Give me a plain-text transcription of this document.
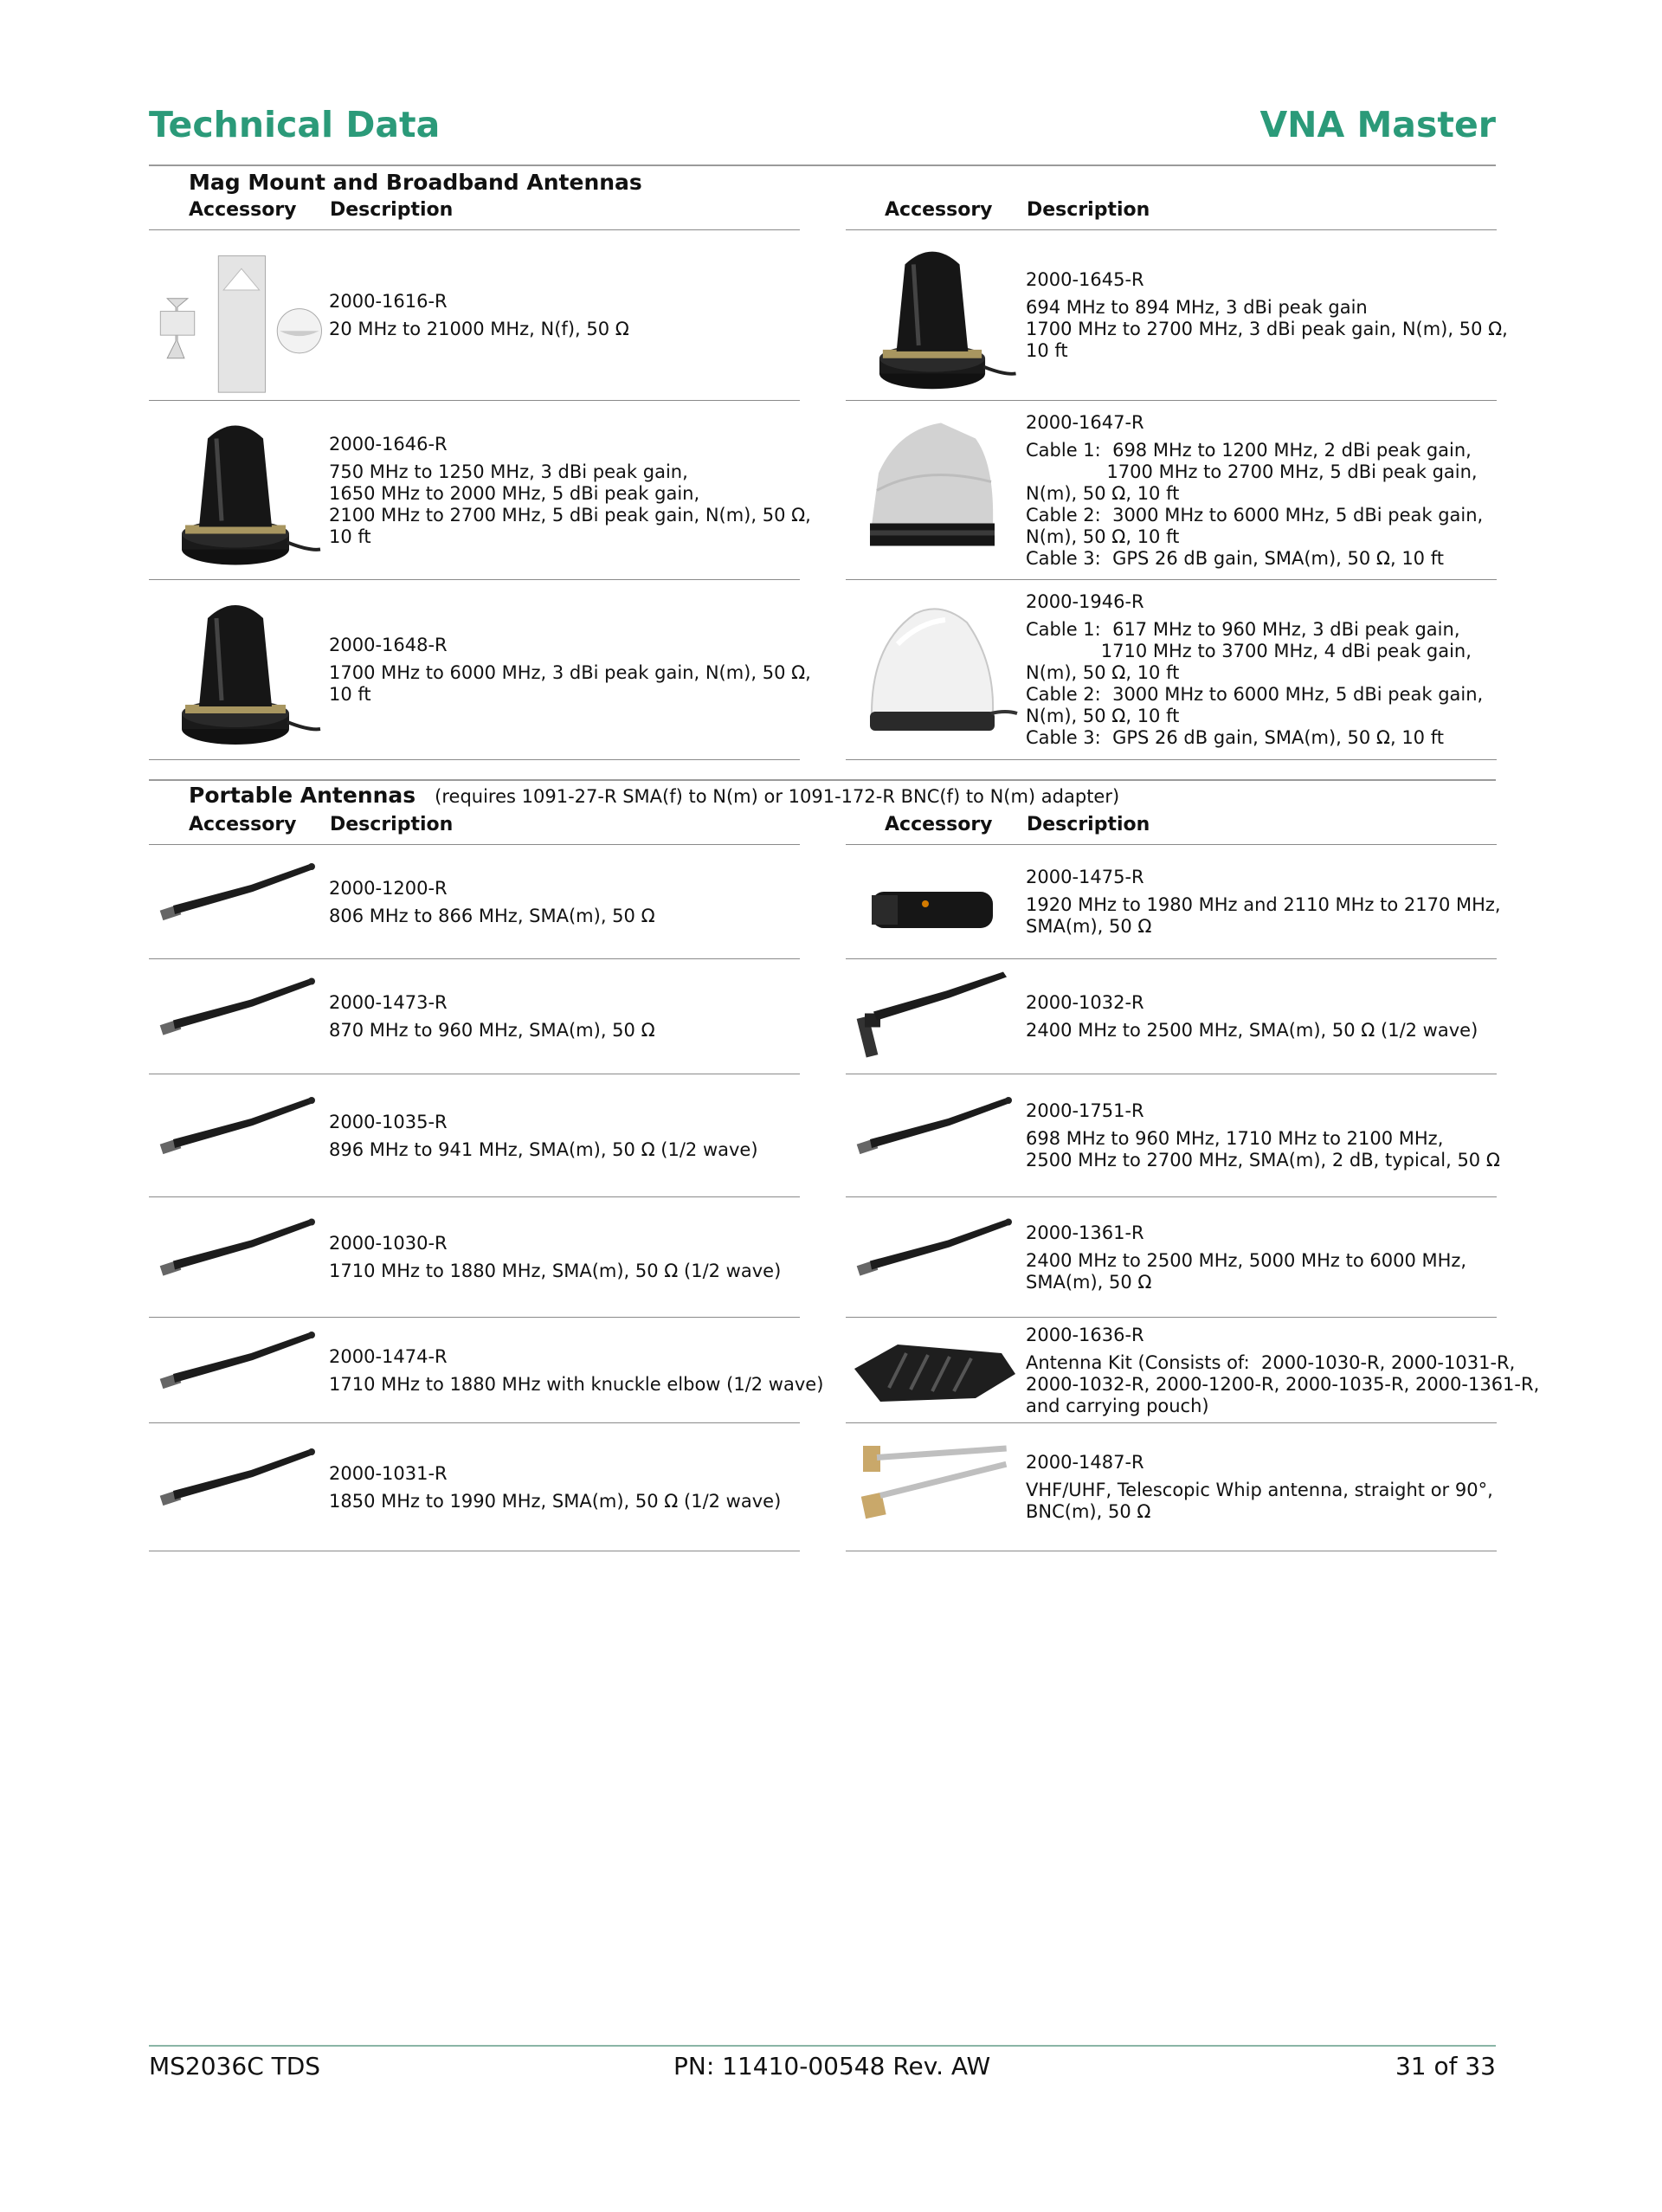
Technical Data	VNA Master
Mag Mount and Broadband Antennas
Accessory Description	Accessory Description
2000-1616-R
20 MHz to 21000 MHz, N(f), 50 Ω
2000-1646-R
750 MHz to 1250 MHz, 3 dBi peak gain,
1650 MHz to 2000 MHz, 5 dBi peak gain,
2100 MHz to 2700 MHz, 5 dBi peak gain, N(m), 50 Ω,
10 ft
2000-1648-R
1700 MHz to 6000 MHz, 3 dBi peak gain, N(m), 50 Ω,
10 ft
2000-1645-R
694 MHz to 894 MHz, 3 dBi peak gain
1700 MHz to 2700 MHz, 3 dBi peak gain, N(m), 50 Ω,
10 ft
2000-1647-R
Cable 1:  698 MHz to 1200 MHz, 2 dBi peak gain,
1700 MHz to 2700 MHz, 5 dBi peak gain,
N(m), 50 Ω, 10 ft
Cable 2:  3000 MHz to 6000 MHz, 5 dBi peak gain,
N(m), 50 Ω, 10 ft
Cable 3:  GPS 26 dB gain, SMA(m), 50 Ω, 10 ft
2000-1946-R
Cable 1:  617 MHz to 960 MHz, 3 dBi peak gain,
1710 MHz to 3700 MHz, 4 dBi peak gain,
N(m), 50 Ω, 10 ft
Cable 2:  3000 MHz to 6000 MHz, 5 dBi peak gain,
N(m), 50 Ω, 10 ft
Cable 3:  GPS 26 dB gain, SMA(m), 50 Ω, 10 ft
Portable Antennas (requires 1091-27-R SMA(f) to N(m) or 1091-172-R BNC(f) to N(m) adapter)
Accessory Description	Accessory Description
2000-1200-R
806 MHz to 866 MHz, SMA(m), 50 Ω
2000-1473-R
870 MHz to 960 MHz, SMA(m), 50 Ω
2000-1035-R
896 MHz to 941 MHz, SMA(m), 50 Ω (1/2 wave)
2000-1030-R
1710 MHz to 1880 MHz, SMA(m), 50 Ω (1/2 wave)
2000-1474-R
1710 MHz to 1880 MHz with knuckle elbow (1/2 wave)
2000-1031-R
1850 MHz to 1990 MHz, SMA(m), 50 Ω (1/2 wave)
2000-1475-R
1920 MHz to 1980 MHz and 2110 MHz to 2170 MHz,
SMA(m), 50 Ω
2000-1032-R
2400 MHz to 2500 MHz, SMA(m), 50 Ω (1/2 wave)
2000-1751-R
698 MHz to 960 MHz, 1710 MHz to 2100 MHz,
2500 MHz to 2700 MHz, SMA(m), 2 dB, typical, 50 Ω
2000-1361-R
2400 MHz to 2500 MHz, 5000 MHz to 6000 MHz,
SMA(m), 50 Ω
2000-1636-R
Antenna Kit (Consists of:  2000-1030-R, 2000-1031-R,
2000-1032-R, 2000-1200-R, 2000-1035-R, 2000-1361-R,
and carrying pouch)
2000-1487-R
VHF/UHF, Telescopic Whip antenna, straight or 90°,
BNC(m), 50 Ω
MS2036C TDS	PN: 11410-00548 Rev. AW	31 of 33
